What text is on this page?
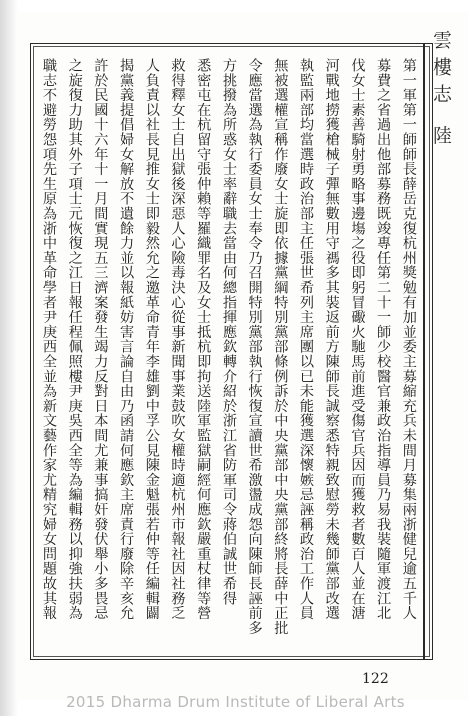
雲樓志 陸
第一軍第一師師長薛岳克復杭州獎勉有加並委主募縮充兵未間月募集兩浙健兒逾五千人
募費之省過出他部募務既竣專任第二十一師少校醫官兼政治指導員乃易我裝隨軍渡江北
伐女士素善騎射勇略事邊塲之役即躬冒礮火馳馬前進受傷官兵因而獲救者數百人並在溏
河戰地撈獲槍械子彈無數用守禡多其裝返前方陳師長誠察悉特親致慰勞未幾師黨部改選
執監兩部均當選時政治部主任張世希列主席團以已未能獲選深懷嫉忌誣稱政治工作人員
無被選權宣稱作廢女士旋即依據黨綱特別黨部條例訴於中央黨部中央黨部終將長薛中正批
令應當選為執行委員女士奉令乃召開特別黨部執行恢復宣讀世希激盪成怨向陳師長誣前多
方挑撥為所惑女士率辭職去當由何總指揮應欽轉介紹於浙江省防軍司令蔣伯誠世希得
悉密屯在杭留守張仲賴等羅織罪名及女士抵杭即拘送陸軍監獄嗣經何應欽嚴重杖律等營
救得釋女士自出獄後深惡人心險毒決心從事新聞事業鼓吹女權時適杭州市報社因社務乏
人負責以社長見推女士即毅然允之邀革命青年李雄劉中孚公見陳金魁張若仲等任編輯闢
揭黨義提倡婦女解放不遺餘力並以報紙妨害言論自由乃函請何應欽主席責行廢除辛亥允
許於民國十六年十一月間實現五三濟案發生竭力反對日本間尤兼事搞奸發伏舉小多畏忌
之旋復力助其外子項士元恢復之江日報任程佩照樓尹庚吳西全等為編輯務以抑強扶弱為
職志不避勞怨項先生原為浙中革命學者尹庚西全並為新文藝作家尤精究婦女問題故其報
122
2015 Dharma Drum Institute of Liberal Arts
